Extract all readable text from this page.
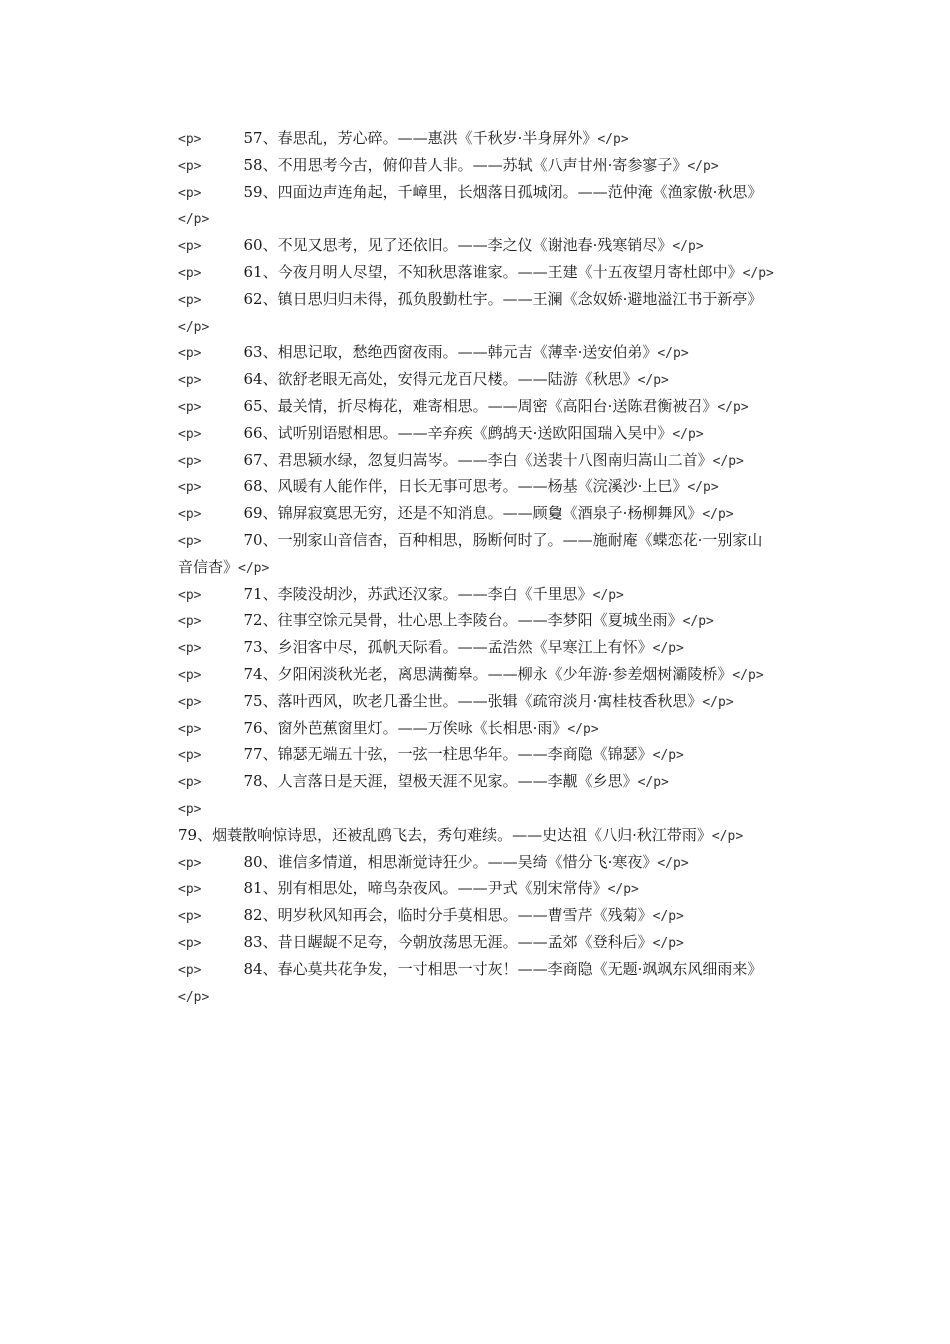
<p>	57、春思乱，芳心碎。——惠洪《千秋岁·半身屏外》</p>

<p>	58、不用思考今古，俯仰昔人非。——苏轼《八声甘州·寄参寥子》</p>

<p>	59、四面边声连角起，千嶂里，长烟落日孤城闭。——范仲淹《渔家傲·秋思》</p>

<p>	60、不见又思考，见了还依旧。——李之仪《谢池春·残寒销尽》</p>

<p>	61、今夜月明人尽望，不知秋思落谁家。——王建《十五夜望月寄杜郎中》</p>

<p>	62、镇日思归归未得，孤负殷勤杜宇。——王澜《念奴娇·避地溢江书于新亭》</p>

<p>	63、相思记取，愁绝西窗夜雨。——韩元吉《薄幸·送安伯弟》</p>

<p>	64、欲舒老眼无高处，安得元龙百尺楼。——陆游《秋思》</p>

<p>	65、最关情，折尽梅花，难寄相思。——周密《高阳台·送陈君衡被召》</p>

<p>	66、试听别语慰相思。——辛弃疾《鹧鸪天·送欧阳国瑞入吴中》</p>

<p>	67、君思颍水绿，忽复归嵩岑。——李白《送裴十八图南归嵩山二首》</p>

<p>	68、风暖有人能作伴，日长无事可思考。——杨基《浣溪沙·上巳》</p>

<p>	69、锦屏寂寞思无穷，还是不知消息。——顾敻《酒泉子·杨柳舞风》</p>

<p>	70、一别家山音信杳，百种相思，肠断何时了。——施耐庵《蝶恋花·一别家山音信杳》</p>

<p>	71、李陵没胡沙，苏武还汉家。——李白《千里思》</p>

<p>	72、往事空馀元昊骨，壮心思上李陵台。——李梦阳《夏城坐雨》</p>

<p>	73、乡泪客中尽，孤帆天际看。——孟浩然《早寒江上有怀》</p>

<p>	74、夕阳闲淡秋光老，离思满蘅皋。——柳永《少年游·参差烟树灞陵桥》</p>

<p>	75、落叶西风，吹老几番尘世。——张辑《疏帘淡月·寓桂枝香秋思》</p>

<p>	76、窗外芭蕉窗里灯。——万俟咏《长相思·雨》</p>

<p>	77、锦瑟无端五十弦，一弦一柱思华年。——李商隐《锦瑟》</p>

<p>	78、人言落日是天涯，望极天涯不见家。——李觏《乡思》</p>

<p>79、烟蓑散响惊诗思，还被乱鸥飞去，秀句难续。——史达祖《八归·秋江带雨》</p>

<p>	80、谁信多情道，相思渐觉诗狂少。——吴绮《惜分飞·寒夜》</p>

<p>	81、别有相思处，啼鸟杂夜风。——尹式《别宋常侍》</p>

<p>	82、明岁秋风知再会，临时分手莫相思。——曹雪芹《残菊》</p>

<p>	83、昔日龌龊不足夸，今朝放荡思无涯。——孟郊《登科后》</p>

<p>	84、春心莫共花争发，一寸相思一寸灰！——李商隐《无题·飒飒东风细雨来》</p>
